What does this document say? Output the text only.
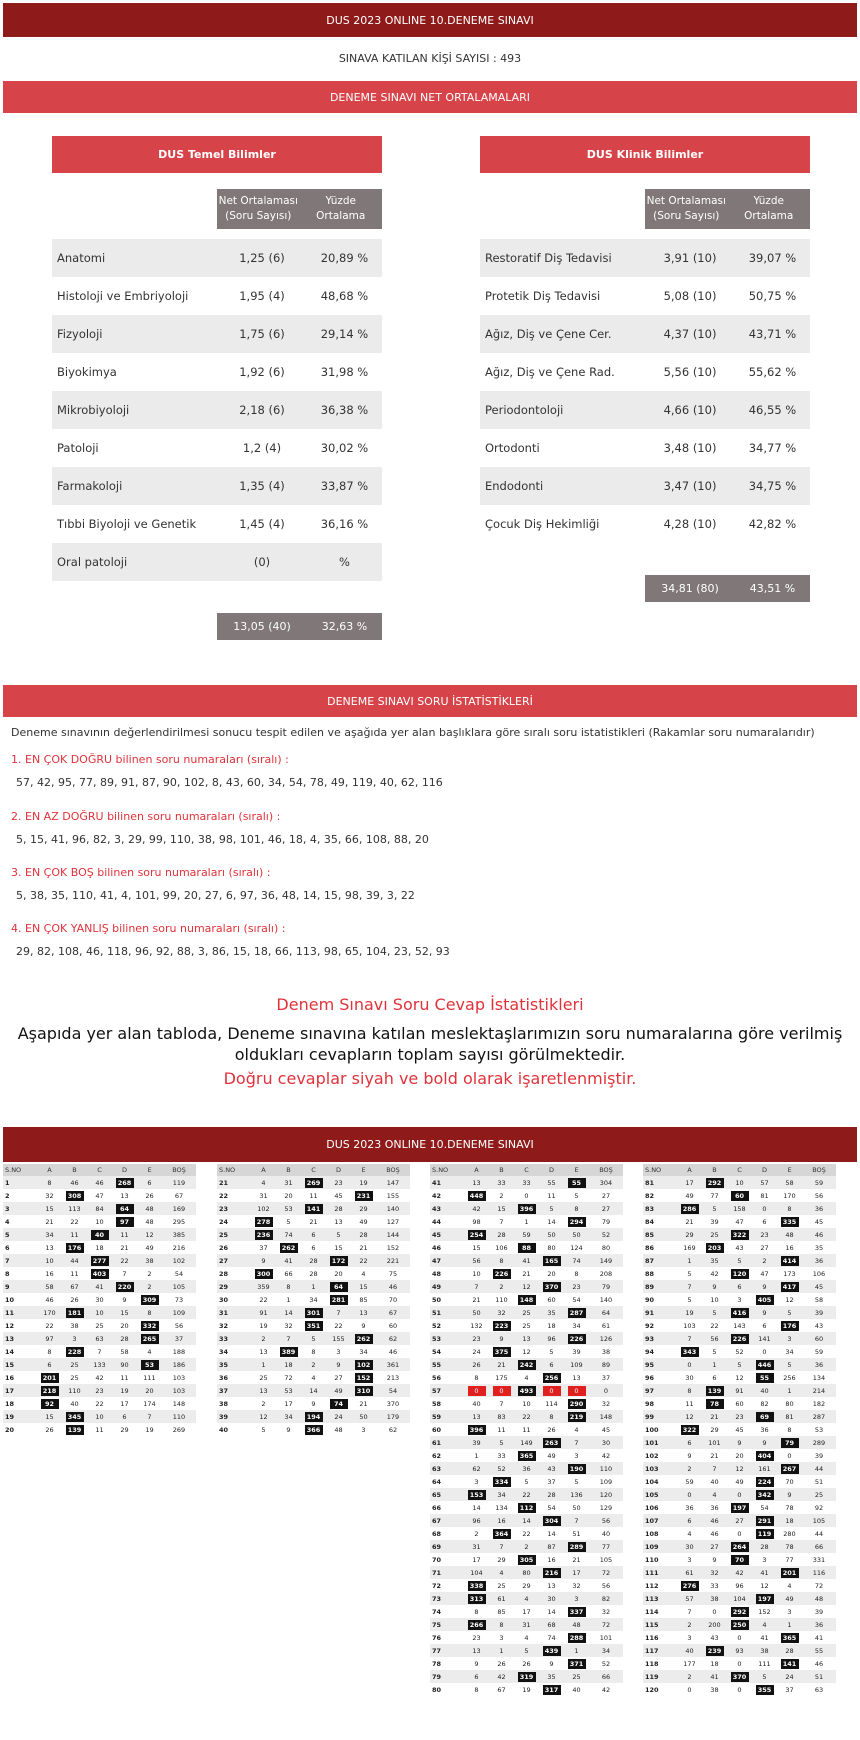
DUS 2023 ONLINE 10.DENEME SINAVI
SINAVA KATILAN KİŞİ SAYISI : 493
DENEME SINAVI NET ORTALAMALARI
DUS Temel Bilimler
Net Ortalaması (Soru Sayısı)
Yüzde Ortalama
Anatomi	1,25 (6)	20,89 %
Histoloji ve Embriyoloji	1,95 (4)	48,68 %
Fizyoloji	1,75 (6)	29,14 %
Biyokimya	1,92 (6)	31,98 %
Mikrobiyoloji	2,18 (6)	36,38 %
Patoloji	1,2 (4)	30,02 %
Farmakoloji	1,35 (4)	33,87 %
Tıbbi Biyoloji ve Genetik	1,45 (4)	36,16 %
Oral patoloji	(0)	%
13,05 (40)	32,63 %
DUS Klinik Bilimler
Net Ortalaması (Soru Sayısı)
Yüzde Ortalama
Restoratif Diş Tedavisi	3,91 (10)	39,07 %
Protetik Diş Tedavisi	5,08 (10)	50,75 %
Ağız, Diş ve Çene Cer.	4,37 (10)	43,71 %
Ağız, Diş ve Çene Rad.	5,56 (10)	55,62 %
Periodontoloji	4,66 (10)	46,55 %
Ortodonti	3,48 (10)	34,77 %
Endodonti	3,47 (10)	34,75 %
Çocuk Diş Hekimliği	4,28 (10)	42,82 %
34,81 (80)	43,51 %
DENEME SINAVI SORU İSTATİSTİKLERİ
Deneme sınavının değerlendirilmesi sonucu tespit edilen ve aşağıda yer alan başlıklara göre sıralı soru istatistikleri (Rakamlar soru numaralarıdır)
1. EN ÇOK DOĞRU bilinen soru numaraları (sıralı) :
57, 42, 95, 77, 89, 91, 87, 90, 102, 8, 43, 60, 34, 54, 78, 49, 119, 40, 62, 116
2. EN AZ DOĞRU bilinen soru numaraları (sıralı) :
5, 15, 41, 96, 82, 3, 29, 99, 110, 38, 98, 101, 46, 18, 4, 35, 66, 108, 88, 20
3. EN ÇOK BOŞ bilinen soru numaraları (sıralı) :
5, 38, 35, 110, 41, 4, 101, 99, 20, 27, 6, 97, 36, 48, 14, 15, 98, 39, 3, 22
4. EN ÇOK YANLIŞ bilinen soru numaraları (sıralı) :
29, 82, 108, 46, 118, 96, 92, 88, 3, 86, 15, 18, 66, 113, 98, 65, 104, 23, 52, 93
Denem Sınavı Soru Cevap İstatistikleri
Aşapıda yer alan tabloda, Deneme sınavına katılan meslektaşlarımızın soru numaralarına göre verilmiş oldukları cevapların toplam sayısı görülmektedir.
Doğru cevaplar siyah ve bold olarak işaretlenmiştir.
DUS 2023 ONLINE 10.DENEME SINAVI
S.NO	A	B	C	D	E	BOŞ
1	8	46	46	268	6	119
2	32	308	47	13	26	67
3	15	113	84	64	48	169
4	21	22	10	97	48	295
5	34	11	40	11	12	385
6	13	176	18	21	49	216
7	10	44	277	22	38	102
8	16	11	403	7	2	54
9	58	67	41	220	2	105
10	46	26	30	9	309	73
11	170	181	10	15	8	109
12	22	38	25	20	332	56
13	97	3	63	28	265	37
14	8	228	7	58	4	188
15	6	25	133	90	53	186
16	201	25	42	11	111	103
17	218	110	23	19	20	103
18	92	40	22	17	174	148
19	15	345	10	6	7	110
20	26	139	11	29	19	269
S.NO	A	B	C	D	E	BOŞ
21	4	31	269	23	19	147
22	31	20	11	45	231	155
23	102	53	141	28	29	140
24	278	5	21	13	49	127
25	236	74	6	5	28	144
26	37	262	6	15	21	152
27	9	41	28	172	22	221
28	300	66	28	20	4	75
29	359	8	1	64	15	46
30	22	1	34	281	85	70
31	91	14	301	7	13	67
32	19	32	351	22	9	60
33	2	7	5	155	262	62
34	13	389	8	3	34	46
35	1	18	2	9	102	361
36	25	72	4	27	152	213
37	13	53	14	49	310	54
38	2	17	9	74	21	370
39	12	34	194	24	50	179
40	5	9	366	48	3	62
S.NO	A	B	C	D	E	BOŞ
41	13	33	33	55	55	304
42	448	2	0	11	5	27
43	42	15	396	5	8	27
44	98	7	1	14	294	79
45	254	28	59	50	50	52
46	15	106	88	80	124	80
47	56	8	41	165	74	149
48	10	226	21	20	8	208
49	7	2	12	370	23	79
50	21	110	148	60	54	140
51	50	32	25	35	287	64
52	132	223	25	18	34	61
53	23	9	13	96	226	126
54	24	375	12	5	39	38
55	26	21	242	6	109	89
56	8	175	4	256	13	37
57	0	0	493	0	0	0
58	40	7	10	114	290	32
59	13	83	22	8	219	148
60	396	11	11	26	4	45
61	39	5	149	263	7	30
62	1	33	365	49	3	42
63	62	52	36	43	190	110
64	3	334	5	37	5	109
65	153	34	22	28	136	120
66	14	134	112	54	50	129
67	96	16	14	304	7	56
68	2	364	22	14	51	40
69	31	7	2	87	289	77
70	17	29	305	16	21	105
71	104	4	80	216	17	72
72	338	25	29	13	32	56
73	313	61	4	30	3	82
74	8	85	17	14	337	32
75	266	8	31	68	48	72
76	23	3	4	74	288	101
77	13	1	5	439	1	34
78	9	26	26	9	371	52
79	6	42	319	35	25	66
80	8	67	19	317	40	42
S.NO	A	B	C	D	E	BOŞ
81	17	292	10	57	58	59
82	49	77	60	81	170	56
83	286	5	158	0	8	36
84	21	39	47	6	335	45
85	29	25	322	23	48	46
86	169	203	43	27	16	35
87	1	35	5	2	414	36
88	5	42	120	47	173	106
89	7	9	6	9	417	45
90	5	10	3	405	12	58
91	19	5	416	9	5	39
92	103	22	143	6	176	43
93	7	56	226	141	3	60
94	343	5	52	0	34	59
95	0	1	5	446	5	36
96	30	6	12	55	256	134
97	8	139	91	40	1	214
98	11	78	60	82	80	182
99	12	21	23	69	81	287
100	322	29	45	36	8	53
101	6	101	9	9	79	289
102	9	21	20	404	0	39
103	2	7	12	161	267	44
104	59	40	49	224	70	51
105	0	4	0	342	9	25
106	36	36	197	54	78	92
107	6	46	27	291	18	105
108	4	46	0	119	280	44
109	30	27	264	28	78	66
110	3	9	70	3	77	331
111	61	32	42	41	201	116
112	276	33	96	12	4	72
113	57	38	104	197	49	48
114	7	0	292	152	3	39
115	2	200	250	4	1	36
116	3	43	0	41	365	41
117	40	239	93	38	28	55
118	177	18	0	111	141	46
119	2	41	370	5	24	51
120	0	38	0	355	37	63
